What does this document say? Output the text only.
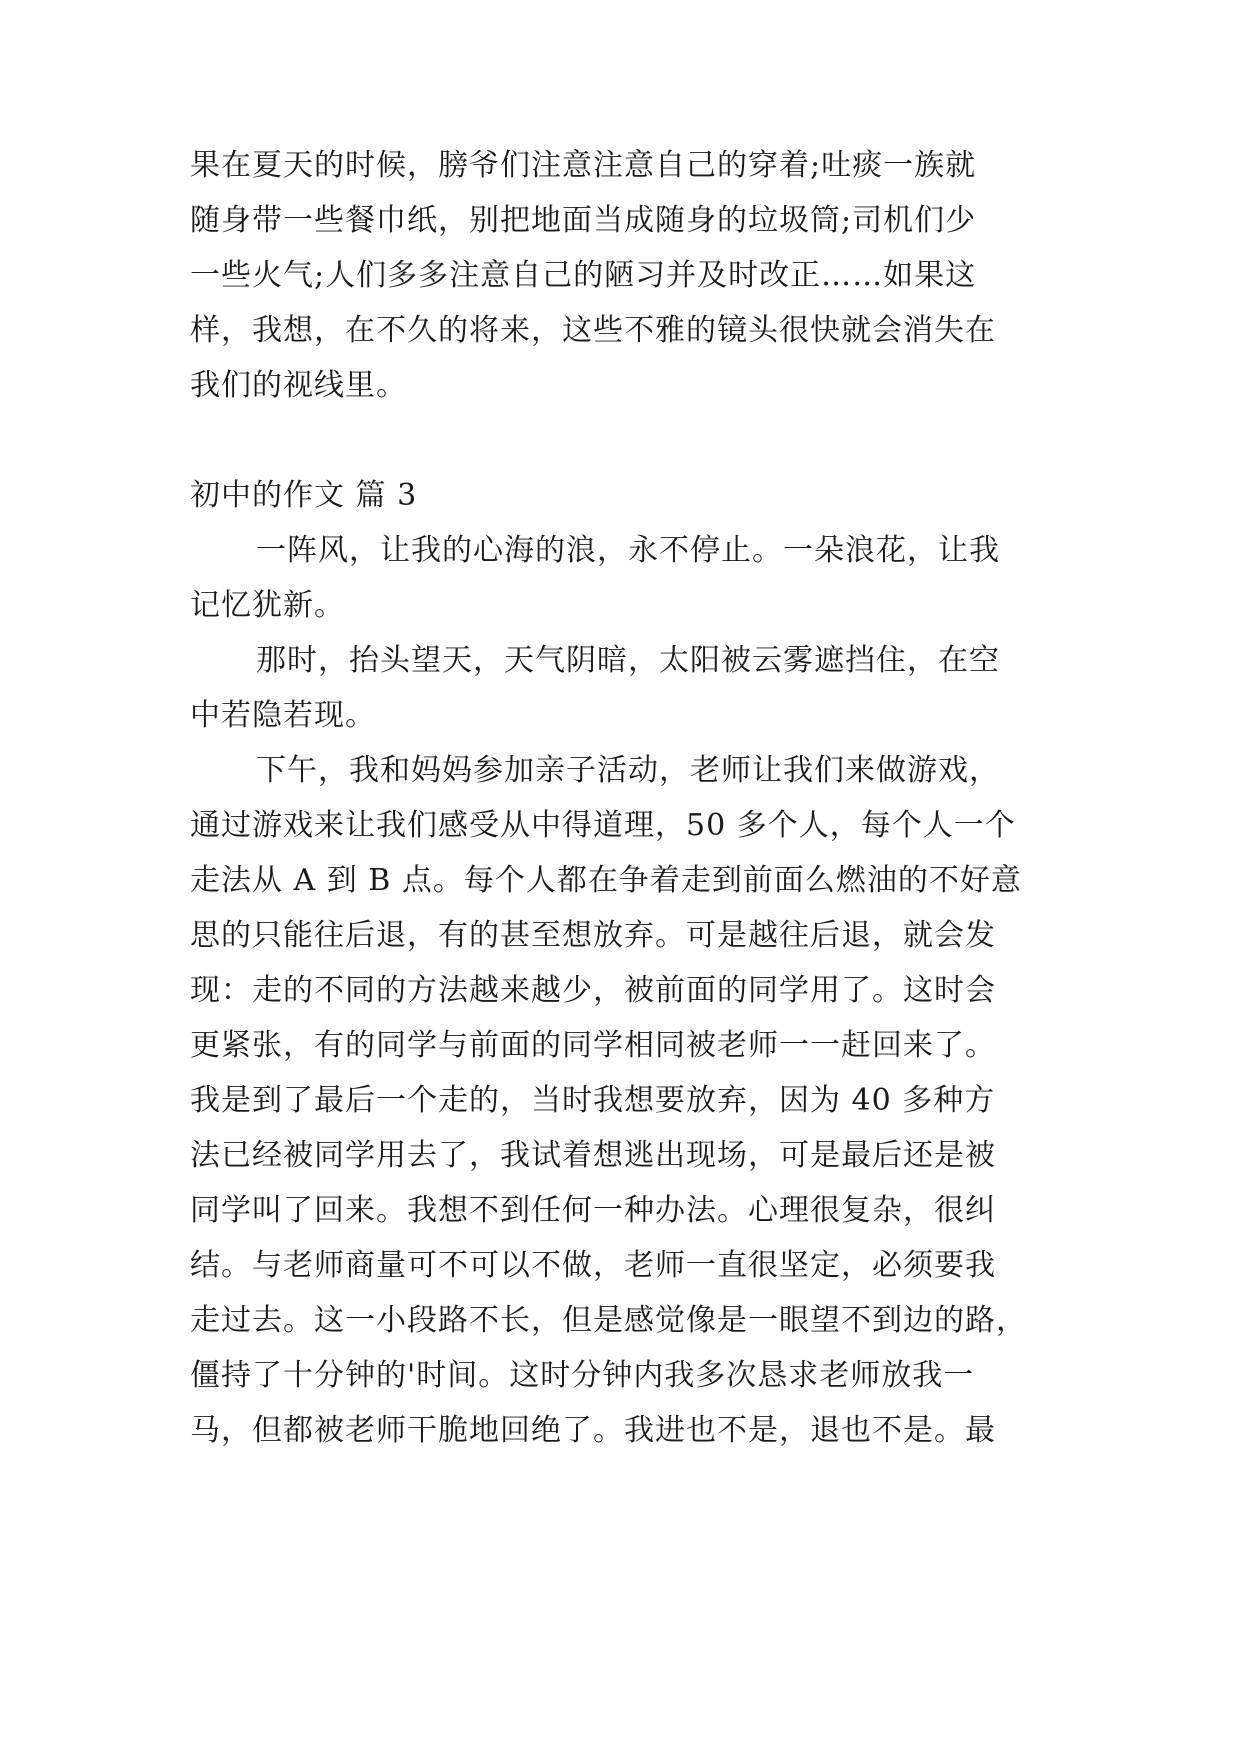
果在夏天的时候，膀爷们注意注意自己的穿着;吐痰一族就
随身带一些餐巾纸，别把地面当成随身的垃圾筒;司机们少
一些火气;人们多多注意自己的陋习并及时改正……如果这
样，我想，在不久的将来，这些不雅的镜头很快就会消失在
我们的视线里。
初中的作文 篇 3
一阵风，让我的心海的浪，永不停止。一朵浪花，让我
记忆犹新。
那时，抬头望天，天气阴暗，太阳被云雾遮挡住，在空
中若隐若现。
下午，我和妈妈参加亲子活动，老师让我们来做游戏，
通过游戏来让我们感受从中得道理，50 多个人，每个人一个
走法从 A 到 B 点。每个人都在争着走到前面么燃油的不好意
思的只能往后退，有的甚至想放弃。可是越往后退，就会发
现：走的不同的方法越来越少，被前面的同学用了。这时会
更紧张，有的同学与前面的同学相同被老师一一赶回来了。
我是到了最后一个走的，当时我想要放弃，因为 40 多种方
法已经被同学用去了，我试着想逃出现场，可是最后还是被
同学叫了回来。我想不到任何一种办法。心理很复杂，很纠
结。与老师商量可不可以不做，老师一直很坚定，必须要我
走过去。这一小段路不长，但是感觉像是一眼望不到边的路，
僵持了十分钟的'时间。这时分钟内我多次恳求老师放我一
马，但都被老师干脆地回绝了。我进也不是，退也不是。最
